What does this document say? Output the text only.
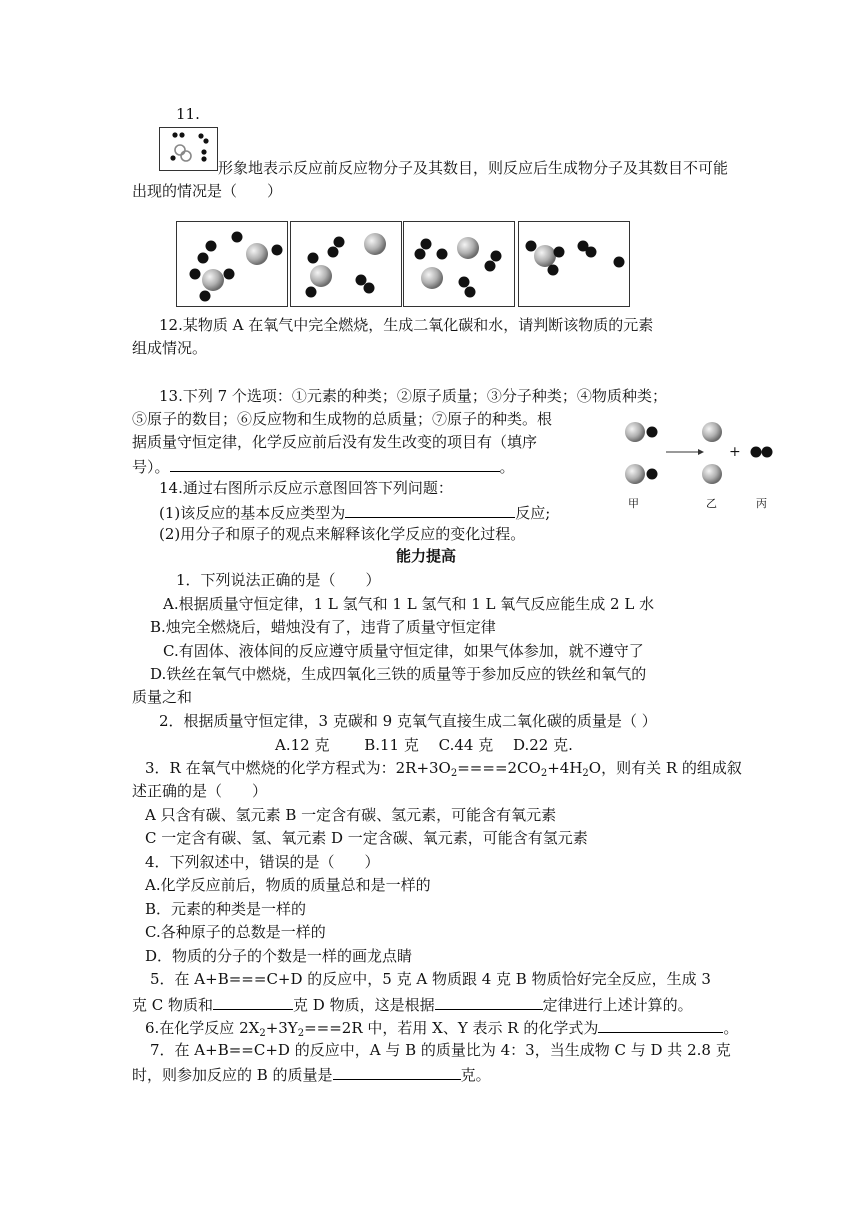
11.
形象地表示反应前反应物分子及其数目，则反应后生成物分子及其数目不可能
出现的情况是（　　）
12.某物质 A 在氧气中完全燃烧，生成二氧化碳和水，请判断该物质的元素
组成情况。
13.下列 7 个选项：①元素的种类；②原子质量；③分子种类；④物质种类；
⑤原子的数目；⑥反应物和生成物的总质量；⑦原子的种类。根
据质量守恒定律，化学反应前后没有发生改变的项目有（填序
号）。	。
14.通过右图所示反应示意图回答下列问题：
(1)该反应的基本反应类型为	反应;
(2)用分子和原子的观点来解释该化学反应的变化过程。
+
甲	乙	丙
能力提高
1．下列说法正确的是（　　）
A.根据质量守恒定律，1 L 氢气和 1 L 氢气和 1 L 氧气反应能生成 2 L 水
B.烛完全燃烧后，蜡烛没有了，违背了质量守恒定律
C.有固体、液体间的反应遵守质量守恒定律，如果气体参加，就不遵守了
D.铁丝在氧气中燃烧，生成四氧化三铁的质量等于参加反应的铁丝和氧气的
质量之和
2．根据质量守恒定律，3 克碳和 9 克氧气直接生成二氧化碳的质量是（ ）
A.12 克　　 B.11 克　 C.44 克　 D.22 克.
3．R 在氧气中燃烧的化学方程式为：$2R+3O_2====2CO_2+4H_2O$，则有关 R 的组成叙
述正确的是（　　）
A 只含有碳、氢元素 B 一定含有碳、氢元素，可能含有氧元素
C 一定含有碳、氢、氧元素 D 一定含碳、氧元素，可能含有氢元素
4．下列叙述中，错误的是（　　）
A.化学反应前后，物质的质量总和是一样的
B．元素的种类是一样的
C.各种原子的总数是一样的
D．物质的分子的个数是一样的画龙点睛
5．在 A+B===C+D 的反应中，5 克 A 物质跟 4 克 B 物质恰好完全反应，生成 3
克 C 物质和	克 D 物质，这是根据	定律进行上述计算的。
6.在化学反应 $2X_2+3Y_2===2R$ 中，若用 X、Y 表示 R 的化学式为	。
7．在 A+B==C+D 的反应中，A 与 B 的质量比为 4：3，当生成物 C 与 D 共 2.8 克
时，则参加反应的 B 的质量是	克。
